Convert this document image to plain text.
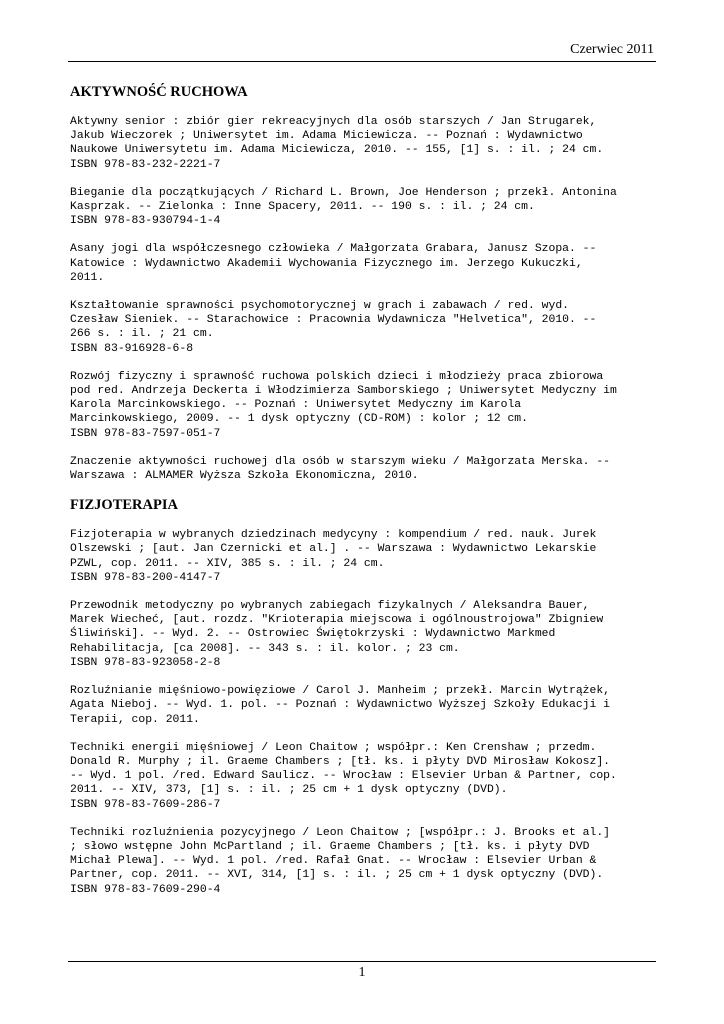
Czerwiec 2011
AKTYWNOŚĆ RUCHOWA
Aktywny senior : zbiór gier rekreacyjnych dla osób starszych / Jan Strugarek,
Jakub Wieczorek ; Uniwersytet im. Adama Miciewicza. -- Poznań : Wydawnictwo
Naukowe Uniwersytetu im. Adama Miciewicza, 2010. -- 155, [1] s. : il. ; 24 cm.
ISBN 978-83-232-2221-7
Bieganie dla początkujących / Richard L. Brown, Joe Henderson ; przekł. Antonina
Kasprzak. -- Zielonka : Inne Spacery, 2011. -- 190 s. : il. ; 24 cm.
ISBN 978-83-930794-1-4
Asany jogi dla współczesnego człowieka / Małgorzata Grabara, Janusz Szopa. --
Katowice : Wydawnictwo Akademii Wychowania Fizycznego im. Jerzego Kukuczki,
2011.
Kształtowanie sprawności psychomotorycznej w grach i zabawach / red. wyd.
Czesław Sieniek. -- Starachowice : Pracownia Wydawnicza "Helvetica", 2010. --
266 s. : il. ; 21 cm.
ISBN 83-916928-6-8
Rozwój fizyczny i sprawność ruchowa polskich dzieci i młodzieży praca zbiorowa
pod red. Andrzeja Deckerta i Włodzimierza Samborskiego ; Uniwersytet Medyczny im
Karola Marcinkowskiego. -- Poznań : Uniwersytet Medyczny im Karola
Marcinkowskiego, 2009. -- 1 dysk optyczny (CD-ROM) : kolor ; 12 cm.
ISBN 978-83-7597-051-7
Znaczenie aktywności ruchowej dla osób w starszym wieku / Małgorzata Merska. --
Warszawa : ALMAMER Wyższa Szkoła Ekonomiczna, 2010.
FIZJOTERAPIA
Fizjoterapia w wybranych dziedzinach medycyny : kompendium / red. nauk. Jurek
Olszewski ; [aut. Jan Czernicki et al.] . -- Warszawa : Wydawnictwo Lekarskie
PZWL, cop. 2011. -- XIV, 385 s. : il. ; 24 cm.
ISBN 978-83-200-4147-7
Przewodnik metodyczny po wybranych zabiegach fizykalnych / Aleksandra Bauer,
Marek Wiecheć, [aut. rozdz. "Krioterapia miejscowa i ogólnoustrojowa" Zbigniew
Śliwiński]. -- Wyd. 2. -- Ostrowiec Świętokrzyski : Wydawnictwo Markmed
Rehabilitacja, [ca 2008]. -- 343 s. : il. kolor. ; 23 cm.
ISBN 978-83-923058-2-8
Rozluźnianie mięśniowo-powięziowe / Carol J. Manheim ; przekł. Marcin Wytrążek,
Agata Nieboj. -- Wyd. 1. pol. -- Poznań : Wydawnictwo Wyższej Szkoły Edukacji i
Terapii, cop. 2011.
Techniki energii mięśniowej / Leon Chaitow ; współpr.: Ken Crenshaw ; przedm.
Donald R. Murphy ; il. Graeme Chambers ; [tł. ks. i płyty DVD Mirosław Kokosz].
-- Wyd. 1 pol. /red. Edward Saulicz. -- Wrocław : Elsevier Urban & Partner, cop.
2011. -- XIV, 373, [1] s. : il. ; 25 cm + 1 dysk optyczny (DVD).
ISBN 978-83-7609-286-7
Techniki rozluźnienia pozycyjnego / Leon Chaitow ; [współpr.: J. Brooks et al.]
; słowo wstępne John McPartland ; il. Graeme Chambers ; [tł. ks. i płyty DVD
Michał Plewa]. -- Wyd. 1 pol. /red. Rafał Gnat. -- Wrocław : Elsevier Urban &
Partner, cop. 2011. -- XVI, 314, [1] s. : il. ; 25 cm + 1 dysk optyczny (DVD).
ISBN 978-83-7609-290-4
1
